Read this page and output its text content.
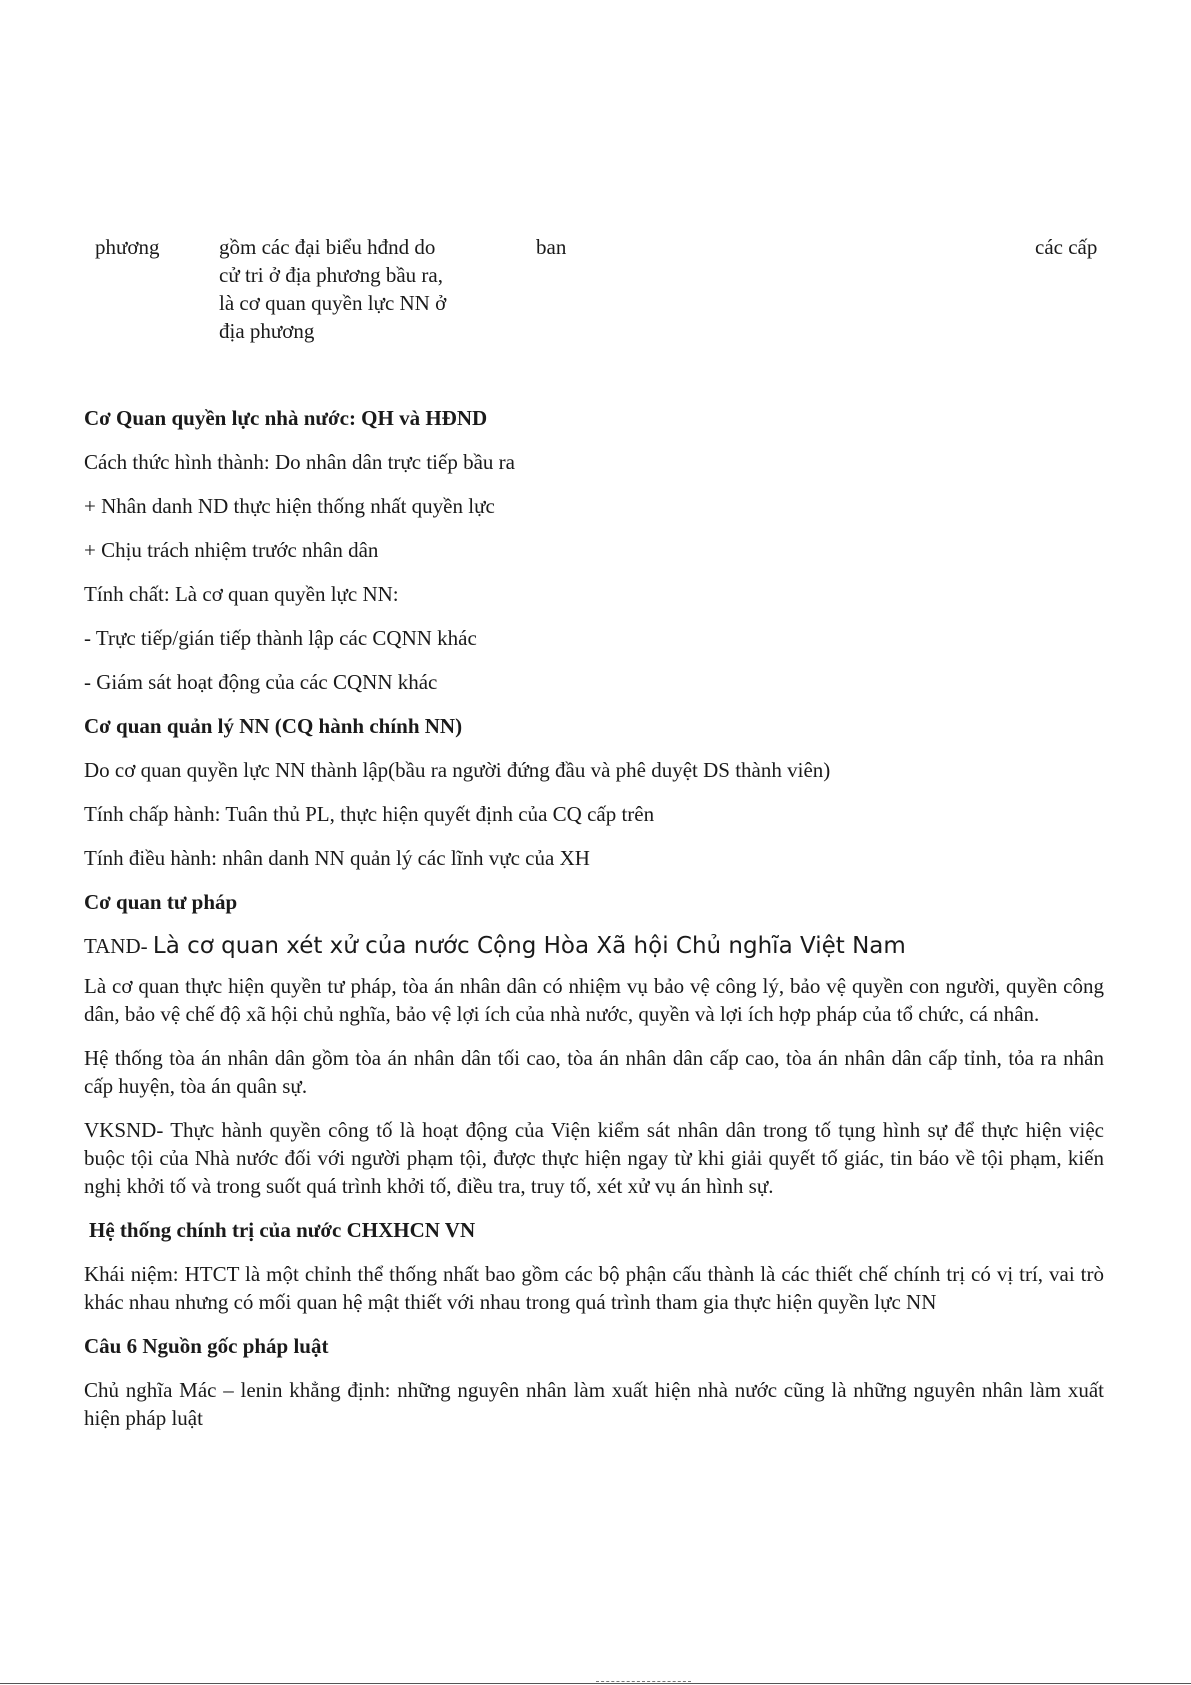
phương	gồm các đại biểu hđnd do
cử tri ở địa phương bầu ra,
là cơ quan quyền lực NN ở
địa phương
ban	các cấp

Cơ Quan quyền lực nhà nước: QH và HĐND

Cách thức hình thành: Do nhân dân trực tiếp bầu ra

+ Nhân danh ND thực hiện thống nhất quyền lực

+ Chịu trách nhiệm trước nhân dân

Tính chất: Là cơ quan quyền lực NN:

- Trực tiếp/gián tiếp thành lập các CQNN khác

- Giám sát hoạt động của các CQNN khác

Cơ quan quản lý NN (CQ hành chính NN)

Do cơ quan quyền lực NN thành lập(bầu ra người đứng đầu và phê duyệt DS thành viên)

Tính chấp hành: Tuân thủ PL, thực hiện quyết định của CQ cấp trên

Tính điều hành: nhân danh NN quản lý các lĩnh vực của XH

Cơ quan tư pháp

TAND- Là cơ quan xét xử của nước Cộng Hòa Xã hội Chủ nghĩa Việt Nam

Là cơ quan thực hiện quyền tư pháp, tòa án nhân dân có nhiệm vụ bảo vệ công lý, bảo vệ quyền con người, quyền công dân, bảo vệ chế độ xã hội chủ nghĩa, bảo vệ lợi ích của nhà nước, quyền và lợi ích hợp pháp của tổ chức, cá nhân.

Hệ thống tòa án nhân dân gồm tòa án nhân dân tối cao, tòa án nhân dân cấp cao, tòa án nhân dân cấp tỉnh, tỏa ra nhân cấp huyện, tòa án quân sự.

VKSND- Thực hành quyền công tố là hoạt động của Viện kiểm sát nhân dân trong tố tụng hình sự để thực hiện việc buộc tội của Nhà nước đối với người phạm tội, được thực hiện ngay từ khi giải quyết tố giác, tin báo về tội phạm, kiến nghị khởi tố và trong suốt quá trình khởi tố, điều tra, truy tố, xét xử vụ án hình sự.

Hệ thống chính trị của nước CHXHCN VN

Khái niệm: HTCT là một chỉnh thể thống nhất bao gồm các bộ phận cấu thành là các thiết chế chính trị có vị trí, vai trò khác nhau nhưng có mối quan hệ mật thiết với nhau trong quá trình tham gia thực hiện quyền lực NN

Câu 6 Nguồn gốc pháp luật

Chủ nghĩa Mác – lenin khẳng định: những nguyên nhân làm xuất hiện nhà nước cũng là những nguyên nhân làm xuất hiện pháp luật
